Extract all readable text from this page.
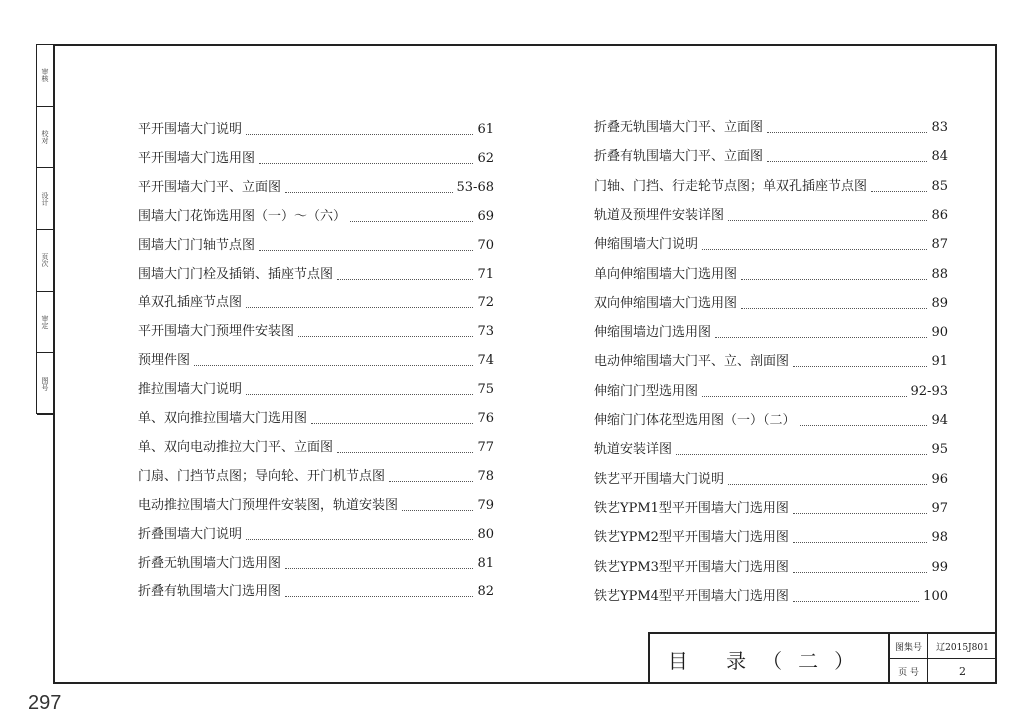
审核
校对
设计
页次
审定
图号
平开围墙大门说明	61
平开围墙大门选用图	62
平开围墙大门平、立面图	53-68
围墙大门花饰选用图（一）～（六）	69
围墙大门门轴节点图	70
围墙大门门栓及插销、插座节点图	71
单双孔插座节点图	72
平开围墙大门预埋件安装图	73
预埋件图	74
推拉围墙大门说明	75
单、双向推拉围墙大门选用图	76
单、双向电动推拉大门平、立面图	77
门扇、门挡节点图；导向轮、开门机节点图	78
电动推拉围墙大门预埋件安装图，轨道安装图	79
折叠围墙大门说明	80
折叠无轨围墙大门选用图	81
折叠有轨围墙大门选用图	82
折叠无轨围墙大门平、立面图	83
折叠有轨围墙大门平、立面图	84
门轴、门挡、行走轮节点图；单双孔插座节点图	85
轨道及预埋件安装详图	86
伸缩围墙大门说明	87
单向伸缩围墙大门选用图	88
双向伸缩围墙大门选用图	89
伸缩围墙边门选用图	90
电动伸缩围墙大门平、立、剖面图	91
伸缩门门型选用图	92-93
伸缩门门体花型选用图（一）（二）	94
轨道安装详图	95
铁艺平开围墙大门说明	96
铁艺YPM1型平开围墙大门选用图	97
铁艺YPM2型平开围墙大门选用图	98
铁艺YPM3型平开围墙大门选用图	99
铁艺YPM4型平开围墙大门选用图	100
目 录（二）
图集号	辽2015J801
页 号	2
297
